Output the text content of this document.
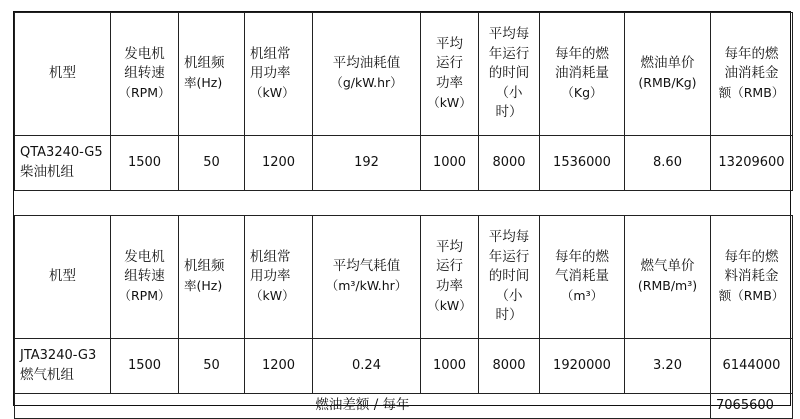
机型	发电机
组转速
（RPM）	机组频
率(Hz)	机组常
用功率
（kW）	平均油耗值
（g/kW.hr）	平均
运行
功率
（kW）	平均每
年运行
的时间
（小
时）	每年的燃
油消耗量
（Kg）	燃油单价
(RMB/Kg)	每年的燃
油消耗金
额（RMB）
QTA3240-G5
柴油机组	1500	50	1200	192	1000	8000	1536000	8.60	13209600

机型	发电机
组转速
（RPM）	机组频
率(Hz)	机组常
用功率
（kW）	平均气耗值
（m³/kW.hr）	平均
运行
功率
（kW）	平均每
年运行
的时间
（小
时）	每年的燃
气消耗量
（m³）	燃气单价
(RMB/m³)	每年的燃
料消耗金
额（RMB）
JTA3240-G3
燃气机组	1500	50	1200	0.24	1000	8000	1920000	3.20	6144000
燃油差额 / 每年									7065600
